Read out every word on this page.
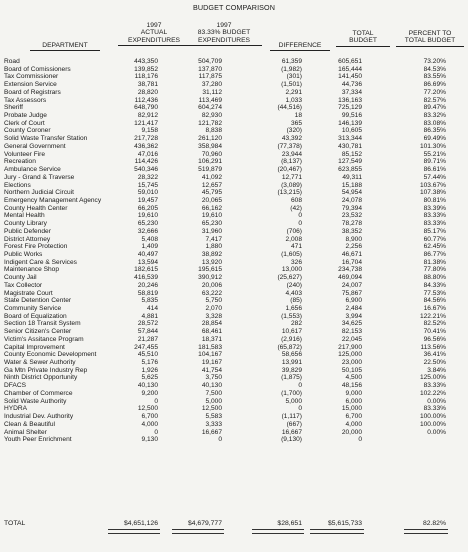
BUDGET COMPARISON
DEPARTMENT
1997
ACTUAL
EXPENDITURES
1997
83.33% BUDGET
EXPENDITURES
DIFFERENCE
TOTAL
BUDGET
PERCENT TO
TOTAL BUDGET
Road	443,350	504,709	61,359	605,651	73.20%
Board of Comissioners	139,852	137,870	(1,982)	165,444	84.53%
Tax Commissioner	118,176	117,875	(301)	141,450	83.55%
Extension Service	38,781	37,280	(1,501)	44,736	86.69%
Board of Registrars	28,820	31,112	2,291	37,334	77.20%
Tax Assessors	112,436	113,469	1,033	136,163	82.57%
Sheriff	648,790	604,274	(44,516)	725,129	89.47%
Probate Judge	82,912	82,930	18	99,516	83.32%
Clerk of Court	121,417	121,782	365	146,139	83.08%
County Coroner	9,158	8,838	(320)	10,605	86.35%
Solid Waste Transfer Station	217,728	261,120	43,392	313,344	69.49%
General Government	436,362	358,984	(77,378)	430,781	101.30%
Volunteer Fire	47,016	70,960	23,944	85,152	55.21%
Recreation	114,426	106,291	(8,137)	127,549	89.71%
Ambulance Service	540,346	519,879	(20,467)	623,855	86.61%
Jury - Grand & Traverse	28,322	41,092	12,771	49,311	57.44%
Elections	15,745	12,657	(3,089)	15,188	103.67%
Northern Judicial Circuit	59,010	45,795	(13,215)	54,954	107.38%
Emergency Management Agency	19,457	20,065	608	24,078	80.81%
County Health Center	66,205	66,162	(42)	79,394	83.39%
Mental Health	19,610	19,610	0	23,532	83.33%
County Library	65,230	65,230	0	78,278	83.33%
Public Defender	32,666	31,960	(706)	38,352	85.17%
District Attorney	5,408	7,417	2,008	8,900	60.77%
Forest Fire Protection	1,409	1,880	471	2,256	62.45%
Public Works	40,497	38,892	(1,605)	46,671	86.77%
Indigent Care & Services	13,594	13,920	326	16,704	81.38%
Maintenance Shop	182,615	195,615	13,000	234,738	77.80%
County Jail	416,539	390,912	(25,627)	469,094	88.80%
Tax Collector	20,246	20,006	(240)	24,007	84.33%
Magistrate Court	58,819	63,222	4,403	75,867	77.53%
State Detention Center	5,835	5,750	(85)	6,900	84.56%
Community Service	414	2,070	1,656	2,484	16.67%
Board of Equalization	4,881	3,328	(1,553)	3,994	122.21%
Section 18 Transit System	28,572	28,854	282	34,625	82.52%
Senior Citizen's Center	57,844	68,461	10,617	82,153	70.41%
Victim's Assitance Program	21,287	18,371	(2,916)	22,045	96.56%
Capital Improvement	247,455	181,583	(65,872)	217,900	113.56%
County Economic Development	45,510	104,167	58,656	125,000	36.41%
Water & Sewer Authority	5,176	19,167	13,991	23,000	22.50%
Ga Mtn Private Industry Rep	1,926	41,754	39,829	50,105	3.84%
Ninth District Opportunity	5,625	3,750	(1,875)	4,500	125.00%
DFACS	40,130	40,130	0	48,156	83.33%
Chamber of Commerce	9,200	7,500	(1,700)	9,000	102.22%
Solid Waste Authority	0	5,000	5,000	6,000	0.00%
HYDRA	12,500	12,500	0	15,000	83.33%
Industrial Dev. Authority	6,700	5,583	(1,117)	6,700	100.00%
Clean & Beautiful	4,000	3,333	(667)	4,000	100.00%
Animal Shelter	0	16,667	16,667	20,000	0.00%
Youth Peer Enrichment	9,130	0	(9,130)	0
TOTAL	$4,651,126	$4,679,777	$28,651	$5,615,733	82.82%
